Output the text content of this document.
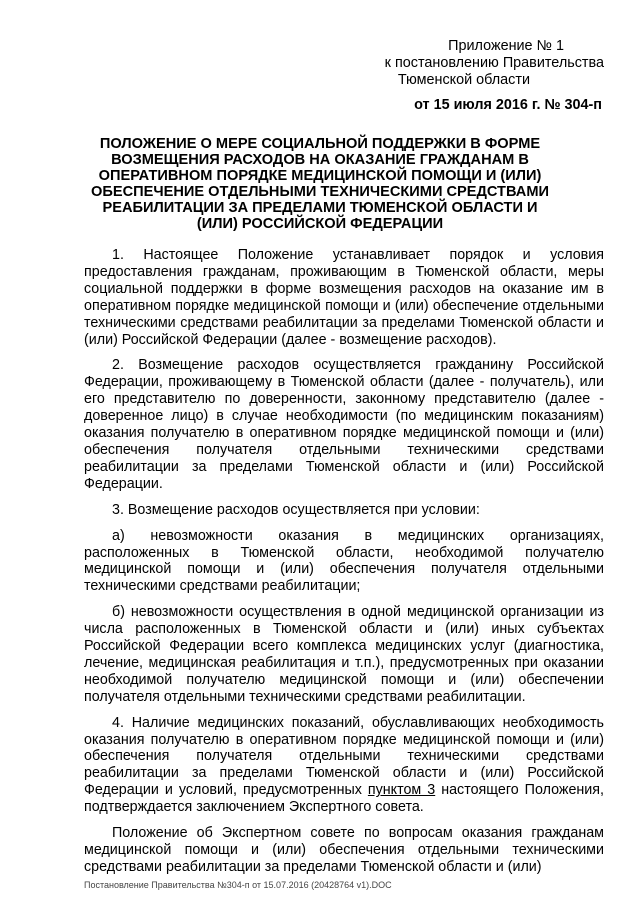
Приложение № 1
к постановлению Правительства
Тюменской области
от 15 июля 2016 г. № 304-п
ПОЛОЖЕНИЕ О МЕРЕ СОЦИАЛЬНОЙ ПОДДЕРЖКИ В ФОРМЕ ВОЗМЕЩЕНИЯ РАСХОДОВ НА ОКАЗАНИЕ ГРАЖДАНАМ В ОПЕРАТИВНОМ ПОРЯДКЕ МЕДИЦИНСКОЙ ПОМОЩИ И (ИЛИ) ОБЕСПЕЧЕНИЕ ОТДЕЛЬНЫМИ ТЕХНИЧЕСКИМИ СРЕДСТВАМИ РЕАБИЛИТАЦИИ ЗА ПРЕДЕЛАМИ ТЮМЕНСКОЙ ОБЛАСТИ И (ИЛИ) РОССИЙСКОЙ ФЕДЕРАЦИИ

1. Настоящее Положение устанавливает порядок и условия предоставления гражданам, проживающим в Тюменской области, меры социальной поддержки в форме возмещения расходов на оказание им в оперативном порядке медицинской помощи и (или) обеспечение отдельными техническими средствами реабилитации за пределами Тюменской области и (или) Российской Федерации (далее - возмещение расходов).

2. Возмещение расходов осуществляется гражданину Российской Федерации, проживающему в Тюменской области (далее - получатель), или его представителю по доверенности, законному представителю (далее - доверенное лицо) в случае необходимости (по медицинским показаниям) оказания получателю в оперативном порядке медицинской помощи и (или) обеспечения получателя отдельными техническими средствами реабилитации за пределами Тюменской области и (или) Российской Федерации.

3. Возмещение расходов осуществляется при условии:

а) невозможности оказания в медицинских организациях, расположенных в Тюменской области, необходимой получателю медицинской помощи и (или) обеспечения получателя отдельными техническими средствами реабилитации;

б) невозможности осуществления в одной медицинской организации из числа расположенных в Тюменской области и (или) иных субъектах Российской Федерации всего комплекса медицинских услуг (диагностика, лечение, медицинская реабилитация и т.п.), предусмотренных при оказании необходимой получателю медицинской помощи и (или) обеспечении получателя отдельными техническими средствами реабилитации.

4. Наличие медицинских показаний, обуславливающих необходимость оказания получателю в оперативном порядке медицинской помощи и (или) обеспечения получателя отдельными техническими средствами реабилитации за пределами Тюменской области и (или) Российской Федерации и условий, предусмотренных пунктом 3 настоящего Положения, подтверждается заключением Экспертного совета.

Положение об Экспертном совете по вопросам оказания гражданам медицинской помощи и (или) обеспечения отдельными техническими средствами реабилитации за пределами Тюменской области и (или)

Постановление Правительства №304-п от 15.07.2016 (20428764 v1).DOC
